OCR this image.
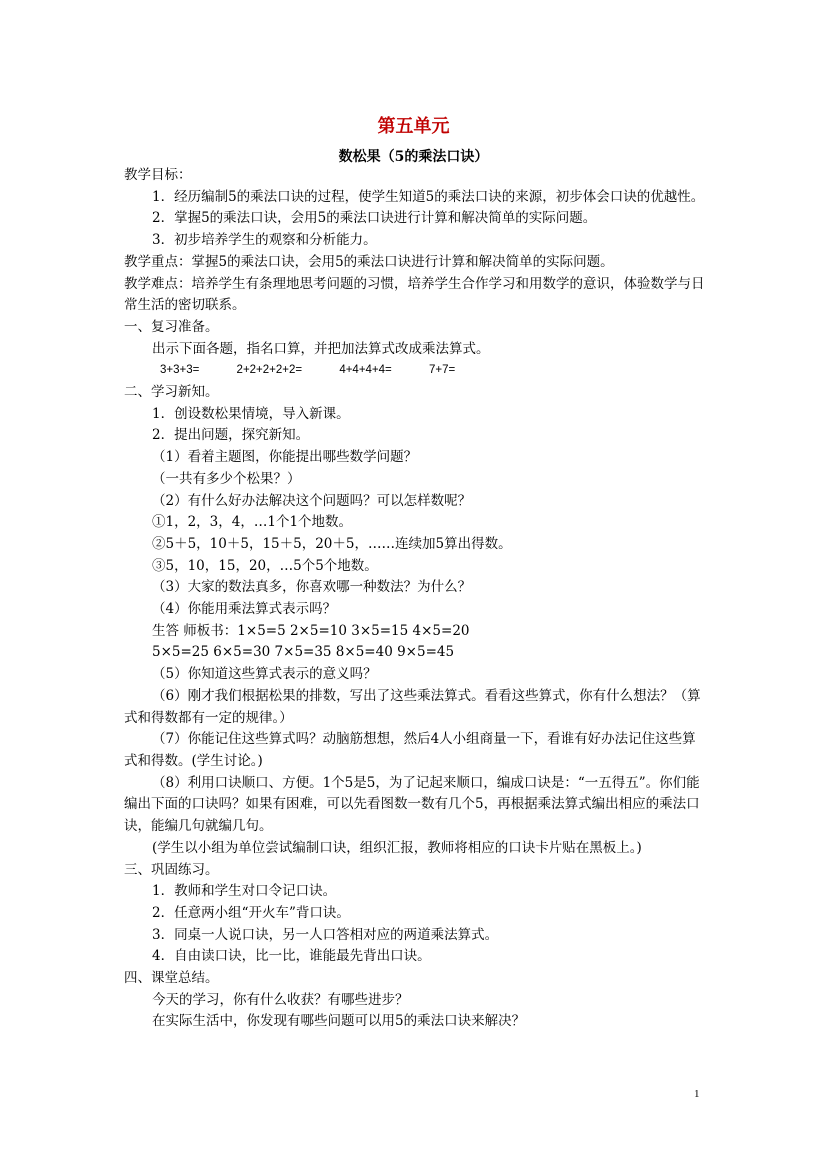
第五单元
数松果（5的乘法口诀）

教学目标：

1．经历编制5的乘法口诀的过程，使学生知道5的乘法口诀的来源，初步体会口诀的优越性。

2．掌握5的乘法口诀，会用5的乘法口诀进行计算和解决简单的实际问题。

3．初步培养学生的观察和分析能力。

教学重点：掌握5的乘法口诀，会用5的乘法口诀进行计算和解决简单的实际问题。

教学难点：培养学生有条理地思考问题的习惯，培养学生合作学习和用数学的意识，体验数学与日常生活的密切联系。

一、复习准备。

出示下面各题，指名口算，并把加法算式改成乘法算式。

3+3+3=	2+2+2+2+2=	4+4+4+4=	7+7=

二、学习新知。

1．创设数松果情境，导入新课。

2．提出问题，探究新知。

（1）看着主题图，你能提出哪些数学问题？

（一共有多少个松果？）

（2）有什么好办法解决这个问题吗？可以怎样数呢？

①1，2，3，4，…1个1个地数。

②5＋5，10＋5，15＋5，20＋5，……连续加5算出得数。

③5，10，15，20，…5个5个地数。

（3）大家的数法真多，你喜欢哪一种数法？为什么？

（4）你能用乘法算式表示吗？

生答 师板书：1×5=5 2×5=10 3×5=15 4×5=20

5×5=25 6×5=30 7×5=35 8×5=40 9×5=45

（5）你知道这些算式表示的意义吗？

（6）刚才我们根据松果的排数，写出了这些乘法算式。看看这些算式，你有什么想法？（算式和得数都有一定的规律。）

（7）你能记住这些算式吗？动脑筋想想，然后4人小组商量一下，看谁有好办法记住这些算式和得数。(学生讨论。)

（8）利用口诀顺口、方便。1个5是5，为了记起来顺口，编成口诀是：“一五得五”。你们能编出下面的口诀吗？如果有困难，可以先看图数一数有几个5，再根据乘法算式编出相应的乘法口诀，能编几句就编几句。

(学生以小组为单位尝试编制口诀，组织汇报，教师将相应的口诀卡片贴在黑板上。)

三、巩固练习。

1．教师和学生对口令记口诀。

2．任意两小组“开火车”背口诀。

3．同桌一人说口诀，另一人口答相对应的两道乘法算式。

4．自由读口诀，比一比，谁能最先背出口诀。

四、课堂总结。

今天的学习，你有什么收获？有哪些进步？

在实际生活中，你发现有哪些问题可以用5的乘法口诀来解决？

1
